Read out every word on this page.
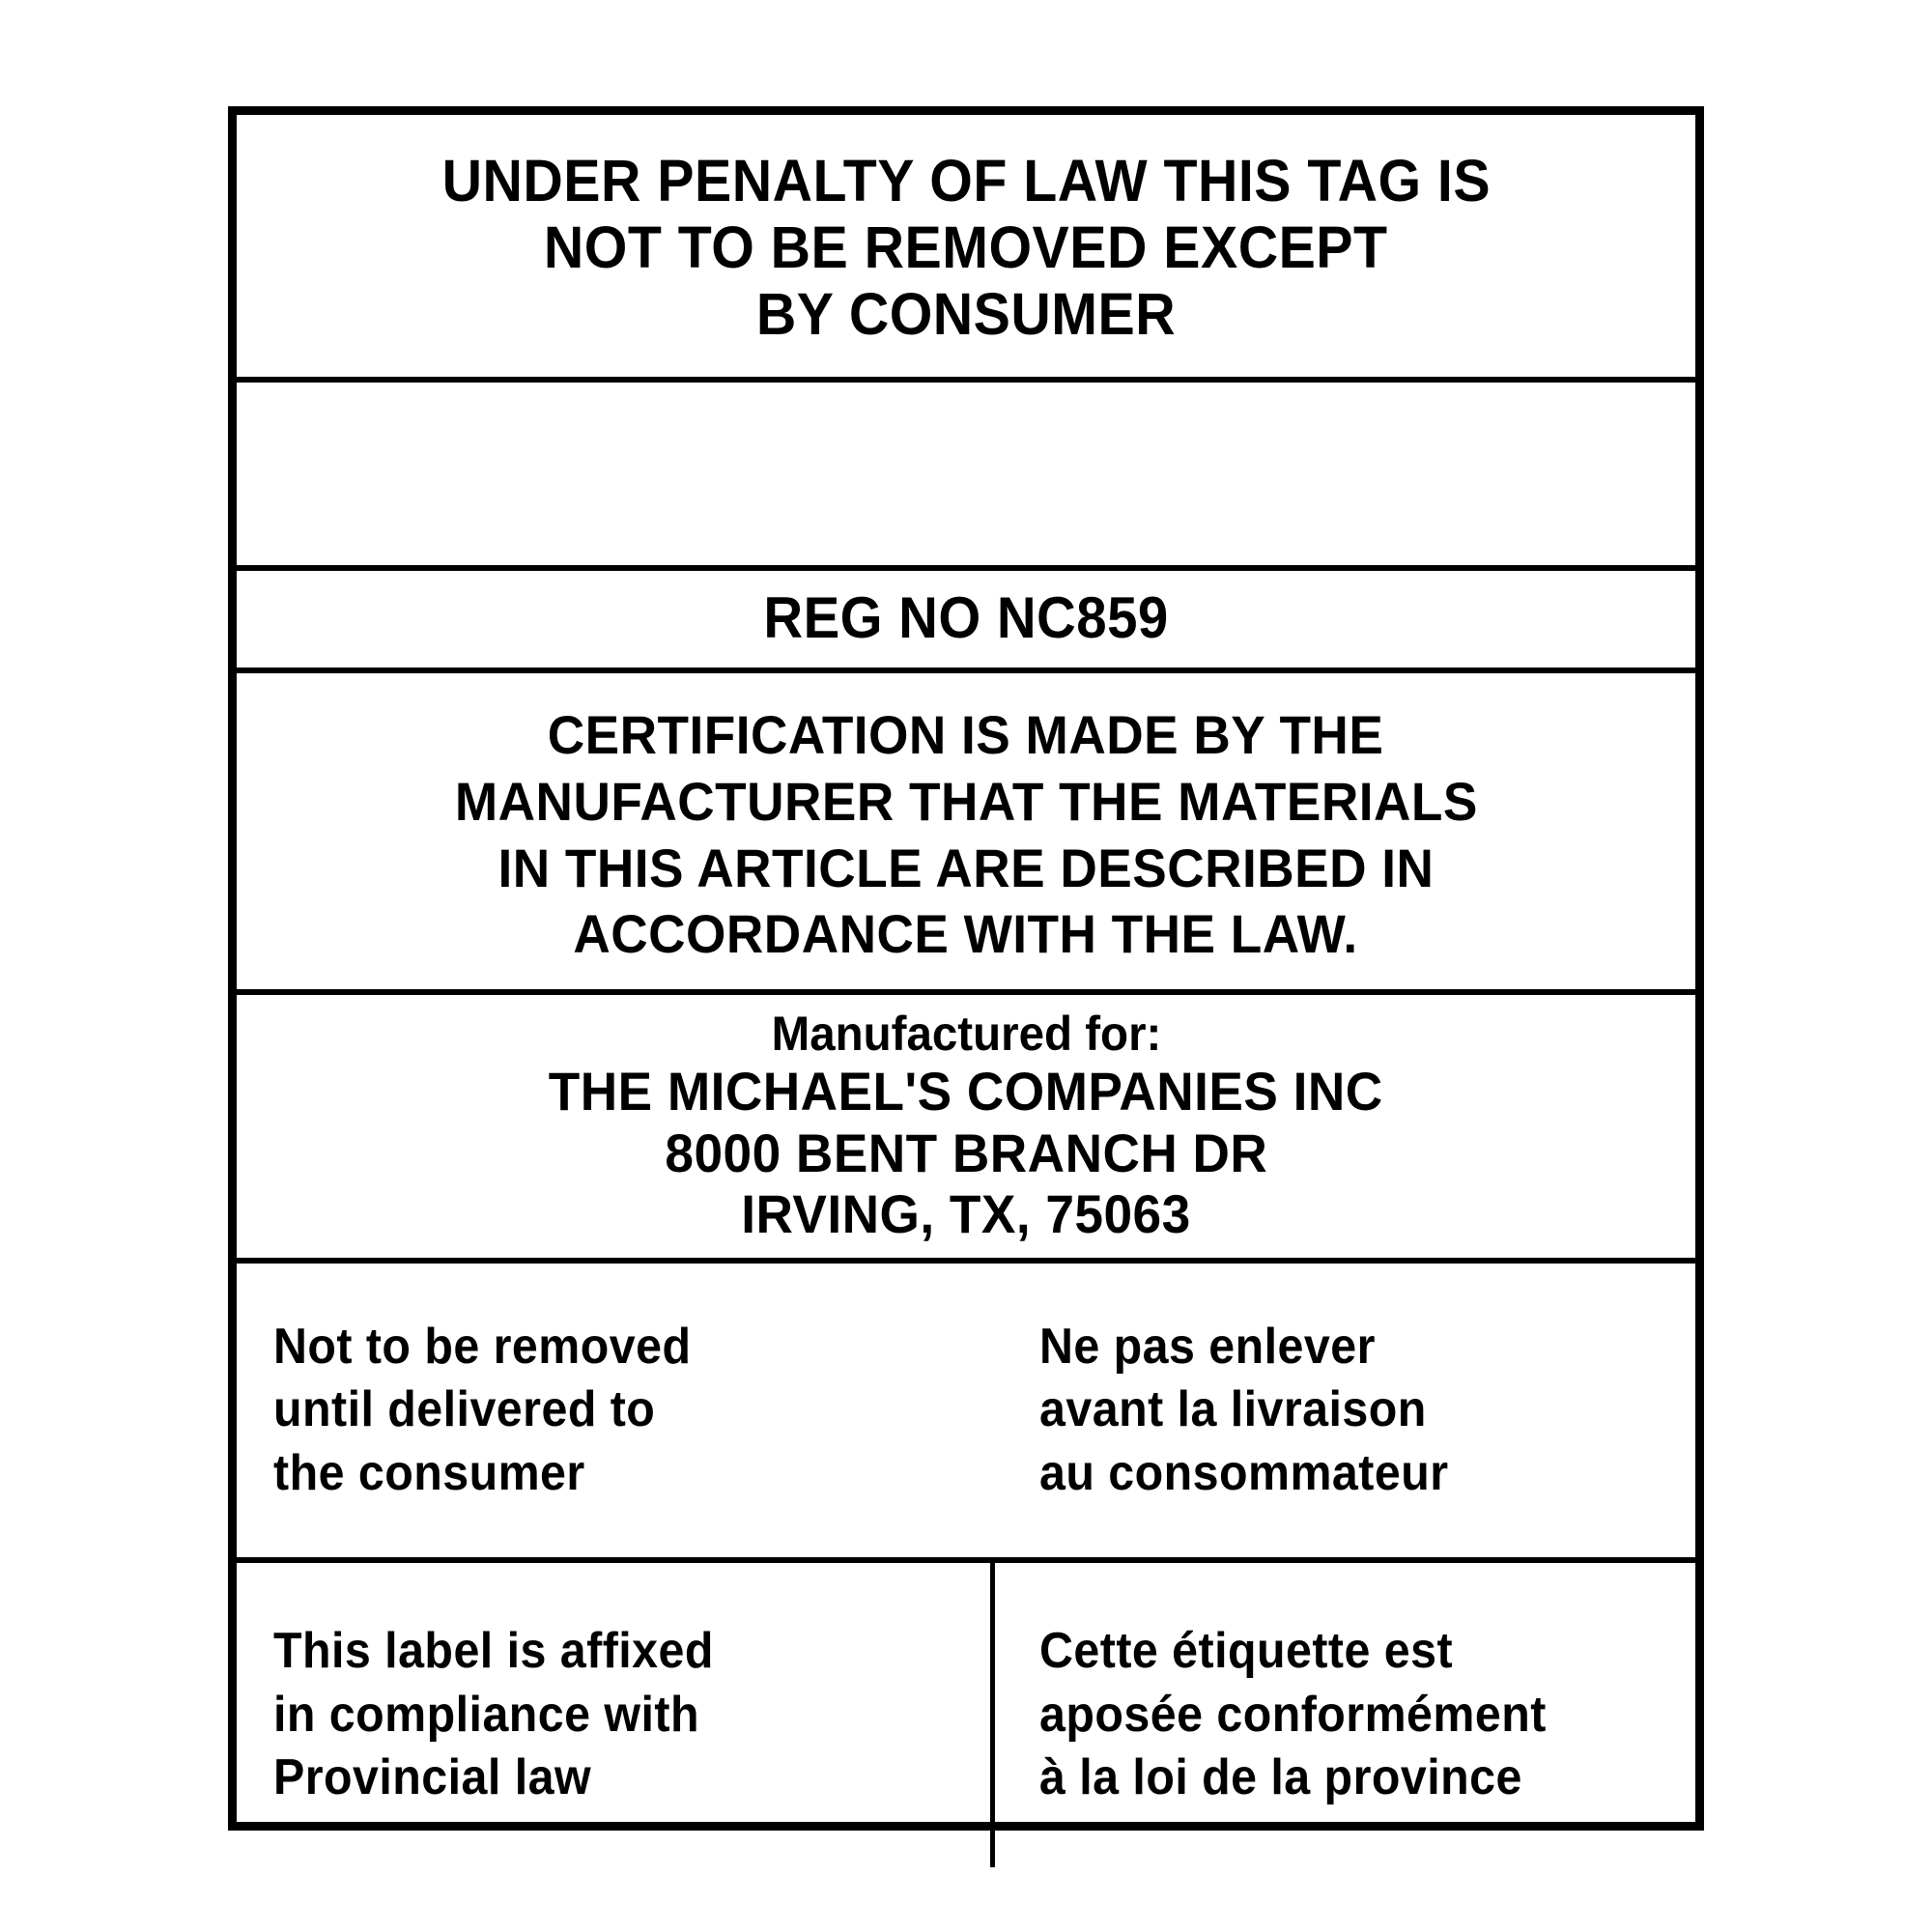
UNDER PENALTY OF LAW THIS TAG IS
NOT TO BE REMOVED EXCEPT
BY CONSUMER
REG NO NC859
CERTIFICATION IS MADE BY THE
MANUFACTURER THAT THE MATERIALS
IN THIS ARTICLE ARE DESCRIBED IN
ACCORDANCE WITH THE LAW.
Manufactured for:
THE MICHAEL'S COMPANIES INC
8000 BENT BRANCH DR
IRVING, TX, 75063
Not to be removed
until delivered to
the consumer
Ne pas enlever
avant la livraison
au consommateur
This label is affixed
in compliance with
Provincial law
Cette étiquette est
aposée conformément
à la loi de la province
